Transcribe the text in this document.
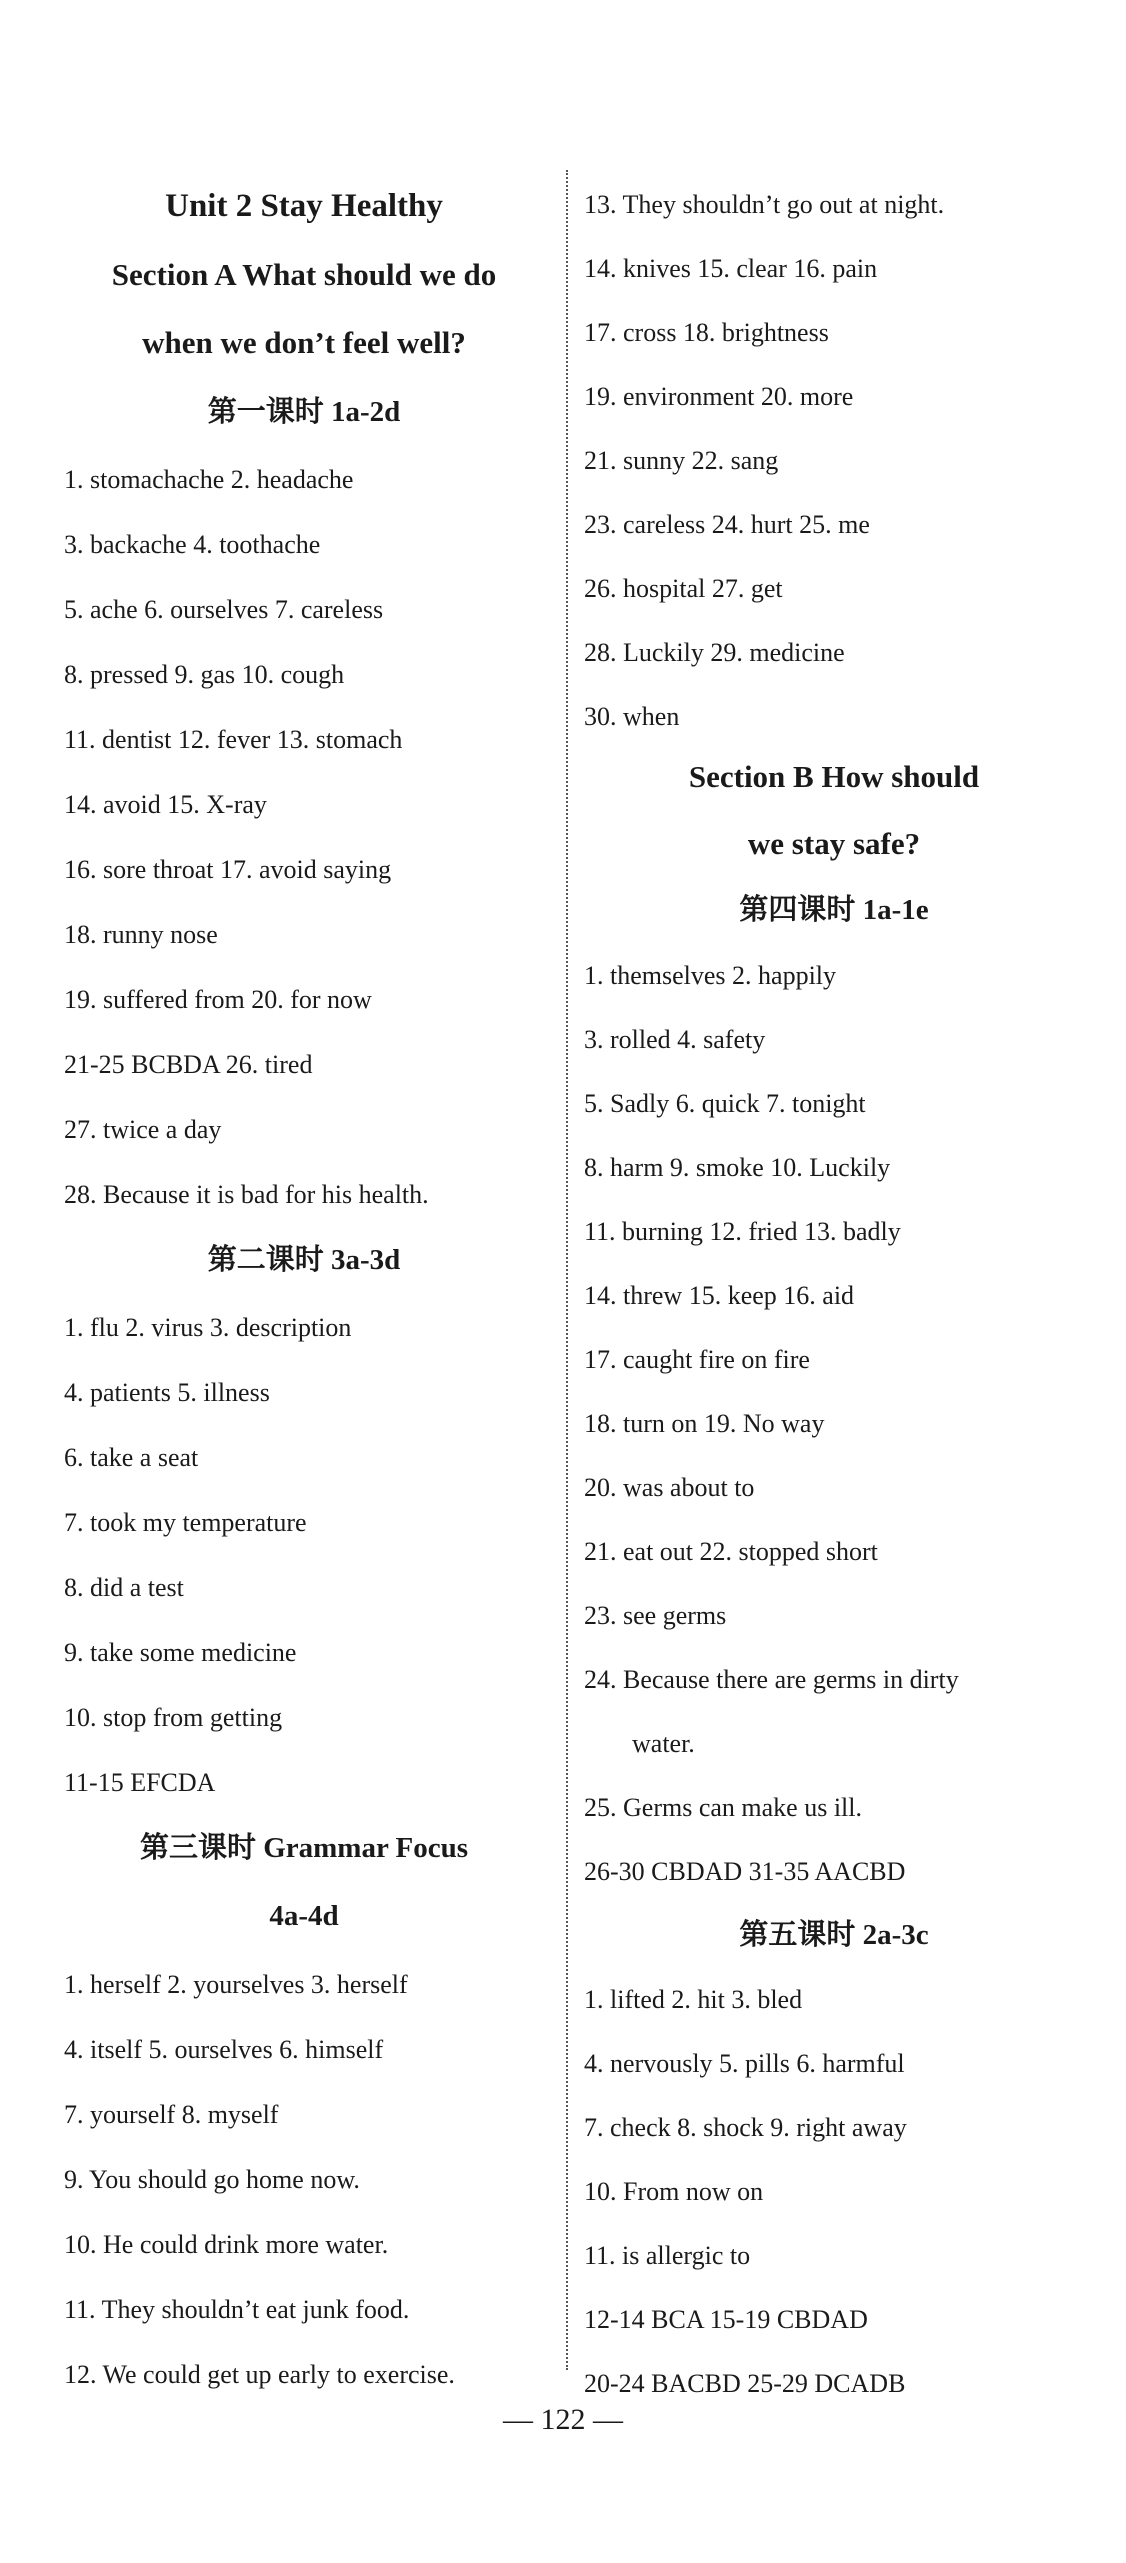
Unit 2 Stay Healthy
Section A What should we do
when we don’t feel well?
第一课时 1a-2d
1. stomachache 2. headache
3. backache 4. toothache
5. ache 6. ourselves 7. careless
8. pressed 9. gas 10. cough
11. dentist 12. fever 13. stomach
14. avoid 15. X-ray
16. sore throat 17. avoid saying
18. runny nose
19. suffered from 20. for now
21-25 BCBDA 26. tired
27. twice a day
28. Because it is bad for his health.
第二课时 3a-3d
1. flu 2. virus 3. description
4. patients 5. illness
6. take a seat
7. took my temperature
8. did a test
9. take some medicine
10. stop from getting
11-15 EFCDA
第三课时 Grammar Focus
4a-4d
1. herself 2. yourselves 3. herself
4. itself 5. ourselves 6. himself
7. yourself 8. myself
9. You should go home now.
10. He could drink more water.
11. They shouldn’t eat junk food.
12. We could get up early to exercise.
13. They shouldn’t go out at night.
14. knives 15. clear 16. pain
17. cross 18. brightness
19. environment 20. more
21. sunny 22. sang
23. careless 24. hurt 25. me
26. hospital 27. get
28. Luckily 29. medicine
30. when
Section B How should
we stay safe?
第四课时 1a-1e
1. themselves 2. happily
3. rolled 4. safety
5. Sadly 6. quick 7. tonight
8. harm 9. smoke 10. Luckily
11. burning 12. fried 13. badly
14. threw 15. keep 16. aid
17. caught fire on fire
18. turn on 19. No way
20. was about to
21. eat out 22. stopped short
23. see germs
24. Because there are germs in dirty
water.
25. Germs can make us ill.
26-30 CBDAD 31-35 AACBD
第五课时 2a-3c
1. lifted 2. hit 3. bled
4. nervously 5. pills 6. harmful
7. check 8. shock 9. right away
10. From now on
11. is allergic to
12-14 BCA 15-19 CBDAD
20-24 BACBD 25-29 DCADB
— 122 —
